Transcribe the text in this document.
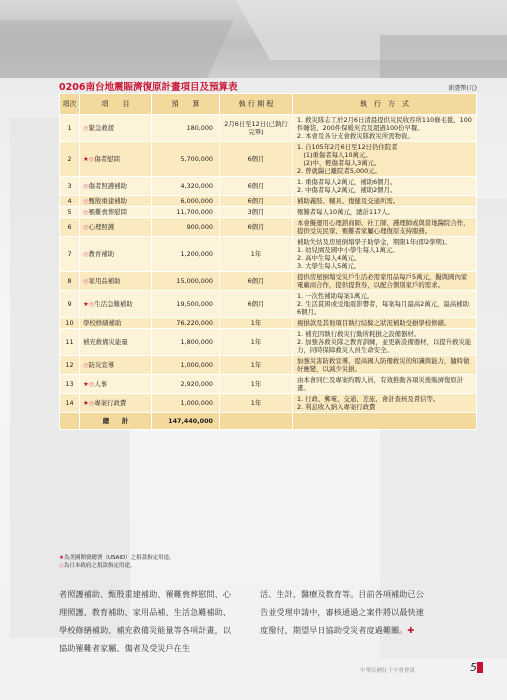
0206南台地震賑濟復原計畫項目及預算表	新臺幣(元)
項次	項　　目	預　　算	執 行 期 程	執　行　方　式
1	◎緊急救援	180,000	2月6日至12日(已執行完畢)	1. 救災隊志工於2月6日清晨提供災民收容所110條毛毯、100件睡袋、200件保暖夾克及超過100份早餐。
2. 本會及各分支會救災隊救災所需物資。

2	★◎傷者慰問	5,700,000	6個月	1. 自105年2月6日至12日仍住院者
　(1)重傷者每人10萬元。
　(2)中、輕傷者每人3萬元。
2. 曾就醫已離院者5,000元。

3	◎傷者照護補助	4,320,000	6個月	1. 重傷者每人2萬元，補助6個月。
2. 中傷者每人2萬元，補助2個月。

4	◎甄殷重建補助	6,000,000	6個月	補助義肢、輔具、復健及交通所需。

5	◎罹難喪葬慰問	11,700,000	3個月	罹難者每人10萬元，總計117人。

6	◎心理照護	900,000	6個月	本會擬運用心理諮商師、社工師、護理師或與當地醫院合作，提供受災民眾、罹難者家屬心理復原支持服務。

7	◎教育補助	1,200,000	1年	補助失怙及房屋倒塌學子助學金，期限1年(即2學期)。
1. 幼兒園及國中小學生每人1萬元。
2. 高中生每人4萬元。
3. 大學生每人5萬元。

8	◎家用品補助	15,000,000	6個月	提供房屋倒塌受災戶生活必需家用品每戶5萬元，擬與國內家電廠商合作，提供提貨券，以配合個別家戶的需求。

9	★◎生活急難補助	19,500,000	6個月	1. 一次性補助每案1萬元。
2. 生活貧困或受地震影響者，每案每月最高2萬元，最高補助6個月。

10	學校修繕補助	76,220,000	1年	視損款及其他項目執行結餘之狀況補助受損學校修繕。

11	補充救備災能量	1,800,000	1年	1. 補充因執行救災行動所耗損之設備器材。
2. 加強各救災隊之教育訓練，並更新設備器材，以提升救災能力，同時保障救災人員生命安全。

12	◎防災宣導	1,000,000	1年	加強災害防救宣導，提高國人防備救災的知識與能力，隨時做好應變，以減少災損。

13	★◎人事	2,920,000	1年	由本會同仁及專案約聘人員，有效推動各項災後賑濟復原計畫。

14	★◎專案行政費	1,000,000	1年	1. 行政、郵電、交通、差旅、會計查核及責信等。
2. 利息收入納入專案行政費

	總　　計	147,440,000		
★為美國開發總署（USAID）之捐款指定用途。
◎為日本政府之捐款指定用途。
者照護補助、甄殷重建補助、罹難喪葬慰問、心理照護、教育補助、家用品補、生活急難補助、學校修繕補助、補充救備災能量等各項計畫，以協助罹難者家屬、傷者及受災戶在生
活、生計、醫療及教育等。目前各項補助已公告並受理申請中，審核通過之案件將以最快速度撥付，期望早日協助受災者度過難關。✚
中華民國紅十字會會訊	5
